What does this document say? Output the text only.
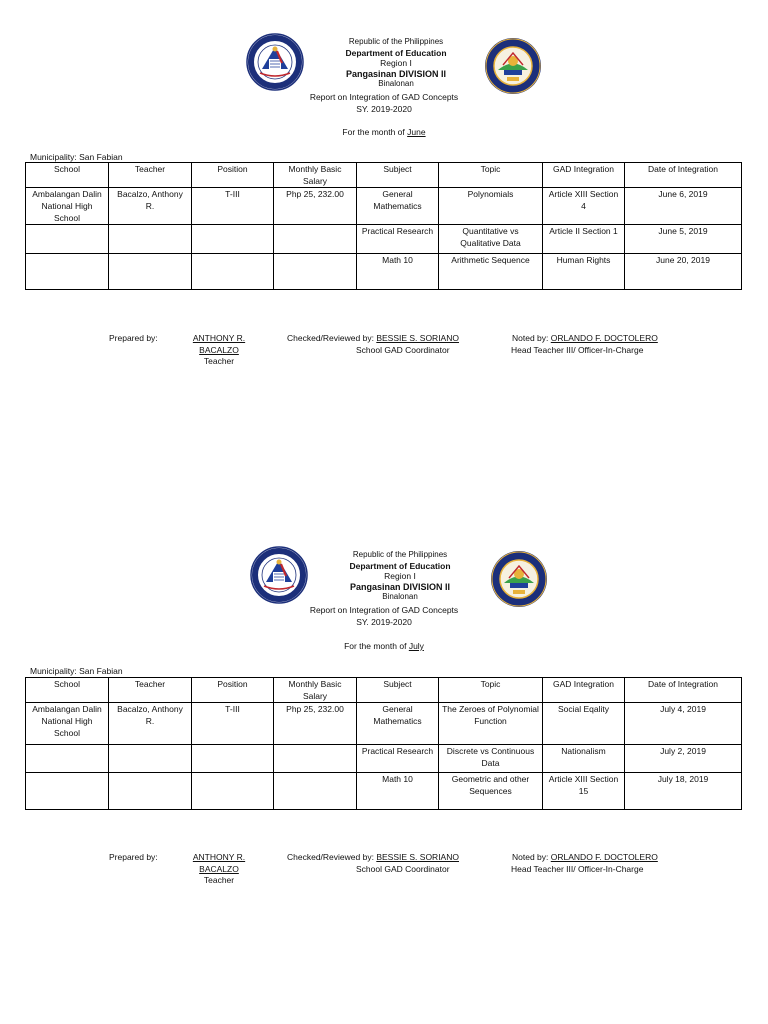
Republic of the Philippines
Department of Education
Region I
Pangasinan DIVISION II
Binalonan
Report on Integration of GAD Concepts
SY. 2019-2020
For the month of June
Municipality: San Fabian
School	Teacher	Position	Monthly Basic Salary	Subject	Topic	GAD Integration	Date of Integration
Ambalangan Dalin National High School	Bacalzo, Anthony R.	T-III	Php 25, 232.00	General Mathematics	Polynomials	Article XIII Section 4	June 6, 2019
				Practical Research	Quantitative vs Qualitative Data	Article II Section 1	June 5, 2019
				Math 10	Arithmetic Sequence	Human Rights	June 20, 2019
Prepared by:	ANTHONY R. BACALZO
Teacher
Checked/Reviewed by: BESSIE S. SORIANO
School GAD Coordinator
Noted by: ORLANDO F. DOCTOLERO
Head Teacher III/ Officer-In-Charge
Republic of the Philippines
Department of Education
Region I
Pangasinan DIVISION II
Binalonan
Report on Integration of GAD Concepts
SY. 2019-2020
For the month of July
Municipality: San Fabian
School	Teacher	Position	Monthly Basic Salary	Subject	Topic	GAD Integration	Date of Integration
Ambalangan Dalin National High School	Bacalzo, Anthony R.	T-III	Php 25, 232.00	General Mathematics	The Zeroes of Polynomial Function	Social Eqality	July 4, 2019
				Practical Research	Discrete vs Continuous Data	Nationalism	July 2, 2019
				Math 10	Geometric and other Sequences	Article XIII Section 15	July 18, 2019
Prepared by:	ANTHONY R. BACALZO
Teacher
Checked/Reviewed by: BESSIE S. SORIANO
School GAD Coordinator
Noted by: ORLANDO F. DOCTOLERO
Head Teacher III/ Officer-In-Charge
